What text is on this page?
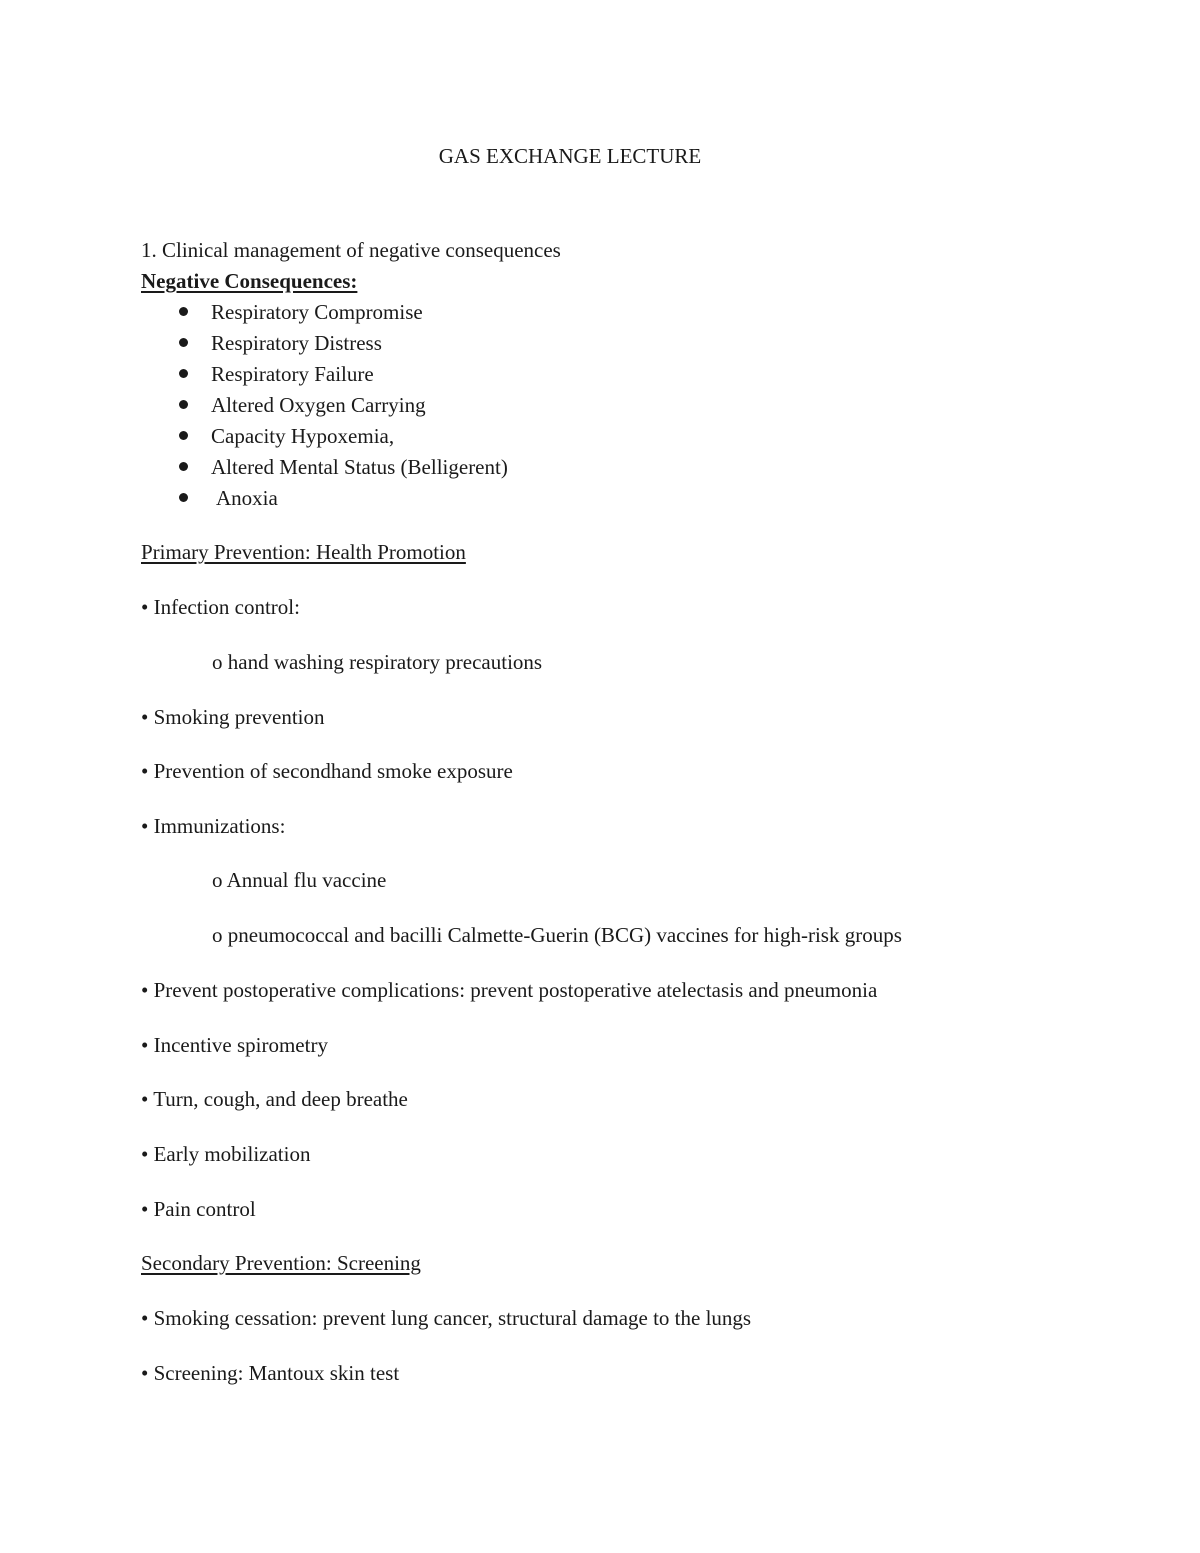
GAS EXCHANGE LECTURE
1. Clinical management of negative consequences
Negative Consequences:
Respiratory Compromise
Respiratory Distress
Respiratory Failure
Altered Oxygen Carrying
Capacity Hypoxemia,
Altered Mental Status (Belligerent)
Anoxia
Primary Prevention: Health Promotion
• Infection control:
o hand washing respiratory precautions
• Smoking prevention
• Prevention of secondhand smoke exposure
• Immunizations:
o Annual flu vaccine
o pneumococcal and bacilli Calmette-Guerin (BCG) vaccines for high-risk groups
• Prevent postoperative complications: prevent postoperative atelectasis and pneumonia
• Incentive spirometry
• Turn, cough, and deep breathe
• Early mobilization
• Pain control
Secondary Prevention: Screening
• Smoking cessation: prevent lung cancer, structural damage to the lungs
• Screening: Mantoux skin test
